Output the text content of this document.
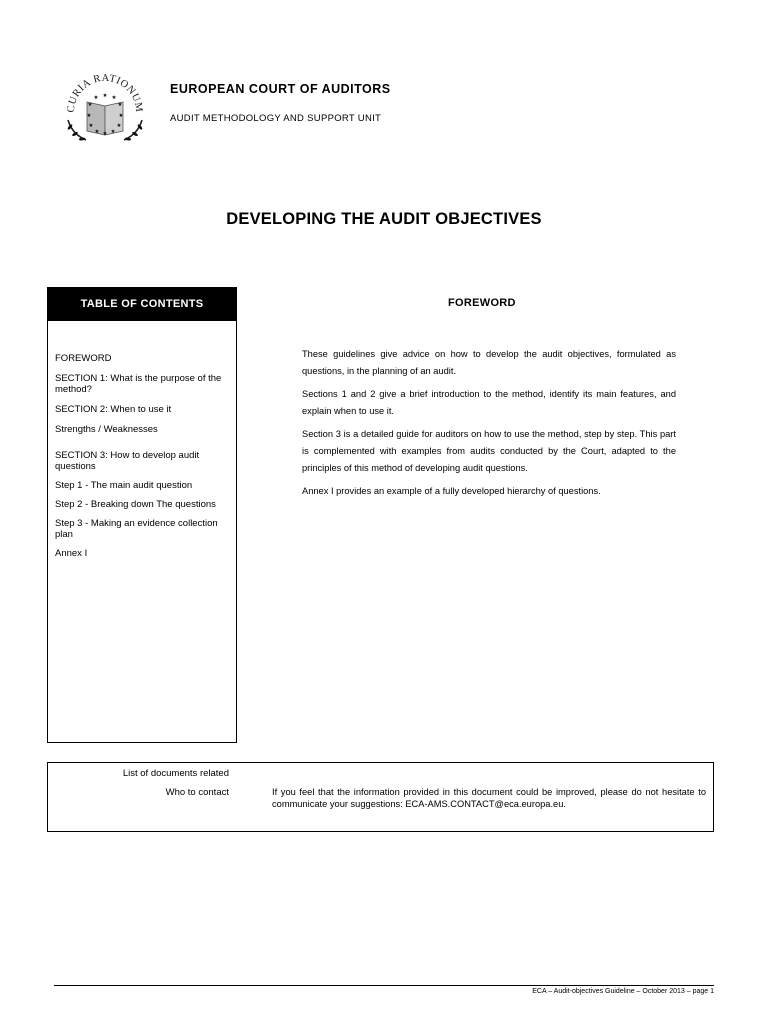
CURIA RATIONUM
★ ★ ★
★	★
★	★
★	★
★ ★
★
EUROPEAN COURT OF AUDITORS
AUDIT METHODOLOGY AND SUPPORT UNIT
DEVELOPING THE AUDIT OBJECTIVES
TABLE OF CONTENTS
FOREWORD
SECTION 1: What is the purpose of the method?
SECTION 2: When to use it
Strengths / Weaknesses
SECTION 3: How to develop audit questions
Step 1 - The main audit question
Step 2 - Breaking down The questions
Step 3 - Making an evidence collection plan
Annex I
FOREWORD

These guidelines give advice on how to develop the audit objectives, formulated as questions, in the planning of an audit.

Sections 1 and 2 give a brief introduction to the method, identify its main features, and explain when to use it.

Section 3 is a detailed guide for auditors on how to use the method, step by step. This part is complemented with examples from audits conducted by the Court, adapted to the principles of this method of developing audit questions.

Annex I provides an example of a fully developed hierarchy of questions.

List of documents related
Who to contact	If you feel that the information provided in this document could be improved, please do not hesitate to communicate your suggestions: ECA-AMS.CONTACT@eca.europa.eu.
ECA – Audit-objectives Guideline – October 2013 – page 1
